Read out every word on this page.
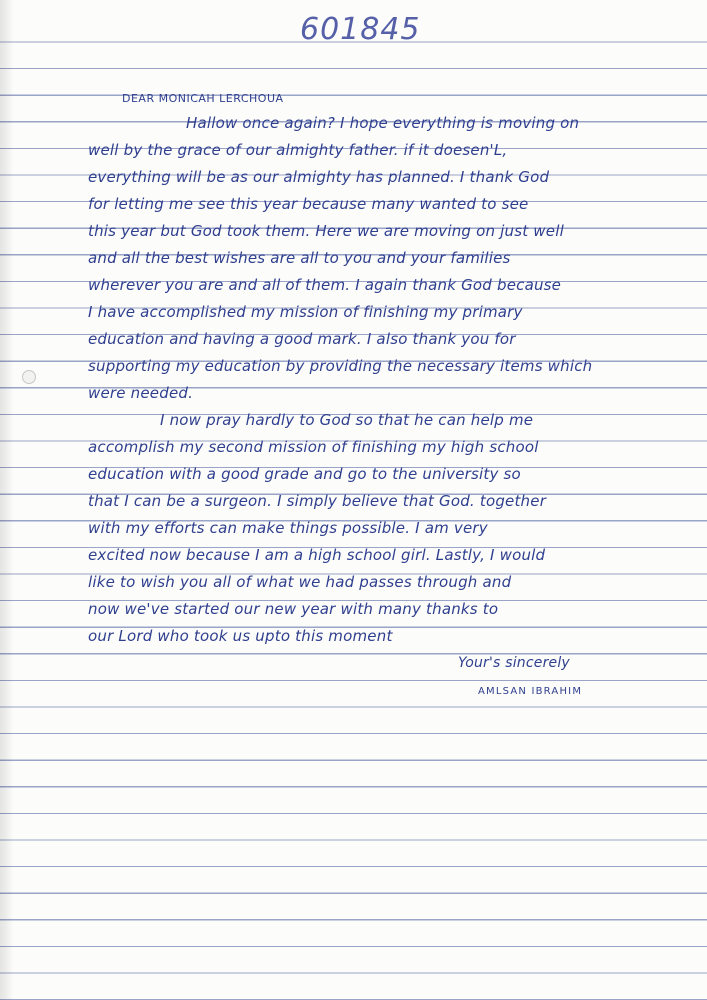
601845
DEAR MONICAH LERCHOUA
Hallow once again? I hope everything is moving on
well by the grace of our almighty father. if it doesen'L,
everything will be as our almighty has planned. I thank God
for letting me see this year because many wanted to see
this year but God took them. Here we are moving on just well
and all the best wishes are all to you and your families
wherever you are and all of them. I again thank God because
I have accomplished my mission of finishing my primary
education and having a good mark. I also thank you for
supporting my education by providing the necessary items which
were needed.
I now pray hardly to God so that he can help me
accomplish my second mission of finishing my high school
education with a good grade and go to the university so
that I can be a surgeon. I simply believe that God. together
with my efforts can make things possible. I am very
excited now because I am a high school girl. Lastly, I would
like to wish you all of what we had passes through and
now we've started our new year with many thanks to
our Lord who took us upto this moment
Your's sincerely
AMLSAN IBRAHIM
